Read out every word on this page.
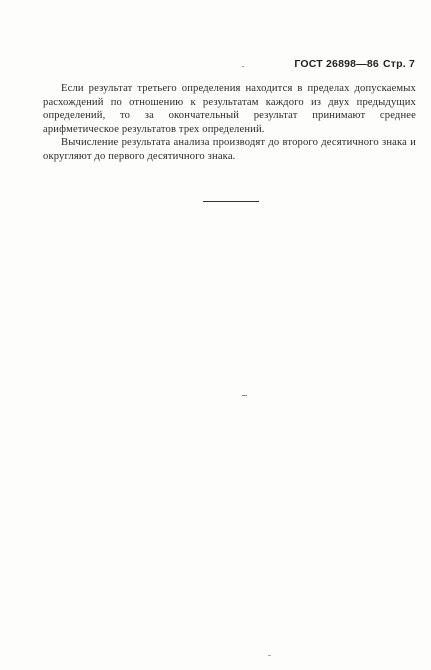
ГОСТ 26898—86 Стр. 7

Если результат третьего определения находится в пределах допускаемых расхождений по отношению к результатам каждого из двух предыдущих определений, то за окончательный результат принимают среднее арифметическое результатов трех определений.

Вычисление результата анализа производят до второго десятичного знака и округляют до первого десятичного знака.
